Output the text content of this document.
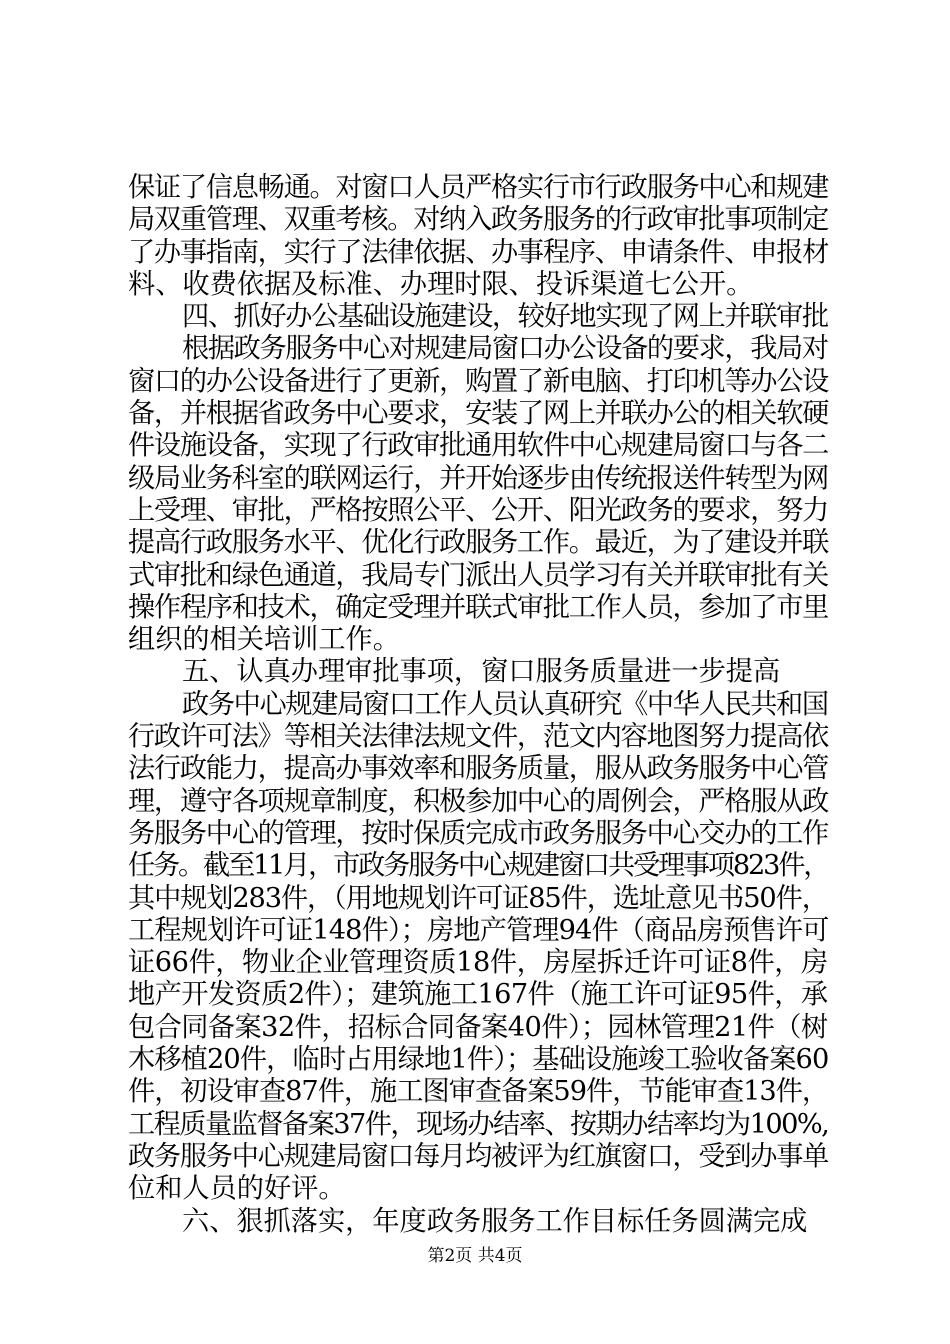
保证了信息畅通。对窗口人员严格实行市行政服务中心和规建
局双重管理、双重考核。对纳入政务服务的行政审批事项制定
了办事指南，实行了法律依据、办事程序、申请条件、申报材
料、收费依据及标准、办理时限、投诉渠道七公开。
四、抓好办公基础设施建设，较好地实现了网上并联审批
根据政务服务中心对规建局窗口办公设备的要求，我局对
窗口的办公设备进行了更新，购置了新电脑、打印机等办公设
备，并根据省政务中心要求，安装了网上并联办公的相关软硬
件设施设备，实现了行政审批通用软件中心规建局窗口与各二
级局业务科室的联网运行，并开始逐步由传统报送件转型为网
上受理、审批，严格按照公平、公开、阳光政务的要求，努力
提高行政服务水平、优化行政服务工作。最近，为了建设并联
式审批和绿色通道，我局专门派出人员学习有关并联审批有关
操作程序和技术，确定受理并联式审批工作人员，参加了市里
组织的相关培训工作。
五、认真办理审批事项，窗口服务质量进一步提高
政务中心规建局窗口工作人员认真研究《中华人民共和国
行政许可法》等相关法律法规文件，范文内容地图努力提高依
法行政能力，提高办事效率和服务质量，服从政务服务中心管
理，遵守各项规章制度，积极参加中心的周例会，严格服从政
务服务中心的管理，按时保质完成市政务服务中心交办的工作
任务。截至11月，市政务服务中心规建窗口共受理事项823件，
其中规划283件，（用地规划许可证85件，选址意见书50件，
工程规划许可证148件）；房地产管理94件（商品房预售许可
证66件，物业企业管理资质18件，房屋拆迁许可证8件，房
地产开发资质2件）；建筑施工167件（施工许可证95件，承
包合同备案32件，招标合同备案40件）；园林管理21件（树
木移植20件，临时占用绿地1件）；基础设施竣工验收备案60
件，初设审查87件，施工图审查备案59件，节能审查13件，
工程质量监督备案37件，现场办结率、按期办结率均为100%,
政务服务中心规建局窗口每月均被评为红旗窗口，受到办事单
位和人员的好评。
六、狠抓落实，年度政务服务工作目标任务圆满完成
第2页 共4页
